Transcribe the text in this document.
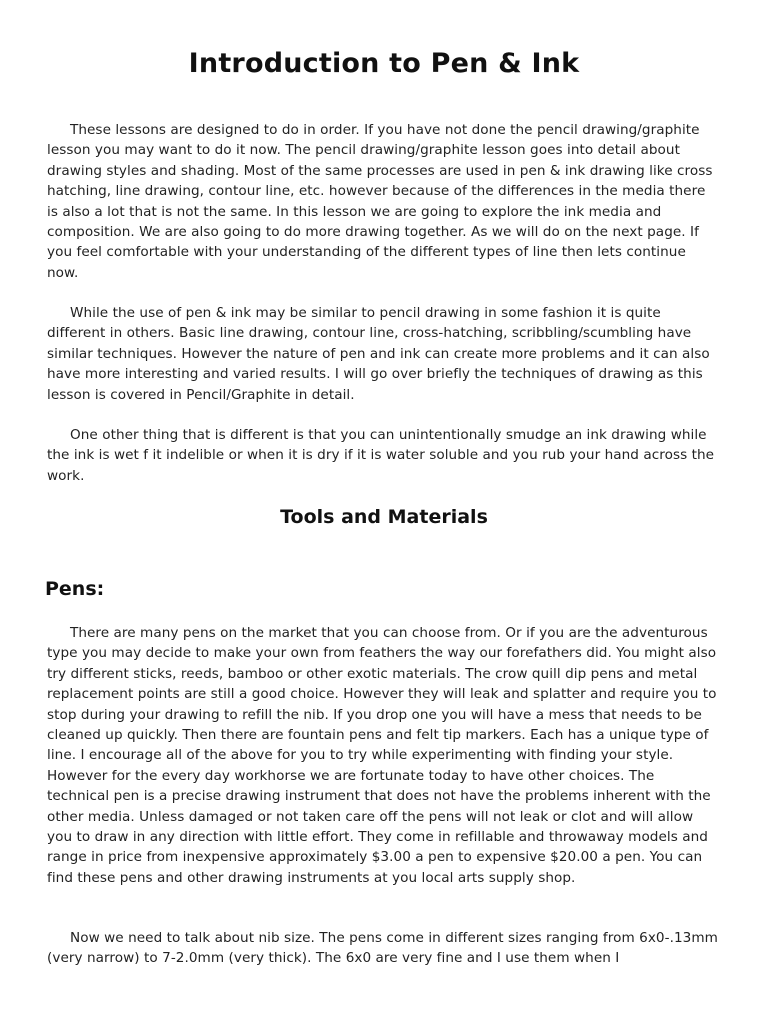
Introduction to Pen & Ink

These lessons are designed to do in order. If you have not done the pencil drawing/graphite lesson you may want to do it now. The pencil drawing/graphite lesson goes into detail about drawing styles and shading. Most of the same processes are used in pen & ink drawing like cross hatching, line drawing, contour line, etc. however because of the differences in the media there is also a lot that is not the same. In this lesson we are going to explore the ink media and composition. We are also going to do more drawing together. As we will do on the next page. If you feel comfortable with your understanding of the different types of line then lets continue now.

While the use of pen & ink may be similar to pencil drawing in some fashion it is quite different in others. Basic line drawing, contour line, cross-hatching, scribbling/scumbling have similar techniques. However the nature of pen and ink can create more problems and it can also have more interesting and varied results. I will go over briefly the techniques of drawing as this lesson is covered in Pencil/Graphite in detail.

One other thing that is different is that you can unintentionally smudge an ink drawing while the ink is wet f it indelible or when it is dry if it is water soluble and you rub your hand across the work.

Tools and Materials
Pens:

There are many pens on the market that you can choose from. Or if you are the adventurous type you may decide to make your own from feathers the way our forefathers did. You might also try different sticks, reeds, bamboo or other exotic materials. The crow quill dip pens and metal replacement points are still a good choice. However they will leak and splatter and require you to stop during your drawing to refill the nib. If you drop one you will have a mess that needs to be cleaned up quickly. Then there are fountain pens and felt tip markers. Each has a unique type of line. I encourage all of the above for you to try while experimenting with finding your style. However for the every day workhorse we are fortunate today to have other choices. The technical pen is a precise drawing instrument that does not have the problems inherent with the other media. Unless damaged or not taken care off the pens will not leak or clot and will allow you to draw in any direction with little effort. They come in refillable and throwaway models and range in price from inexpensive approximately $3.00 a pen to expensive $20.00 a pen. You can find these pens and other drawing instruments at you local arts supply shop.

Now we need to talk about nib size. The pens come in different sizes ranging from 6x0-.13mm (very narrow) to 7-2.0mm (very thick). The 6x0 are very fine and I use them when I
